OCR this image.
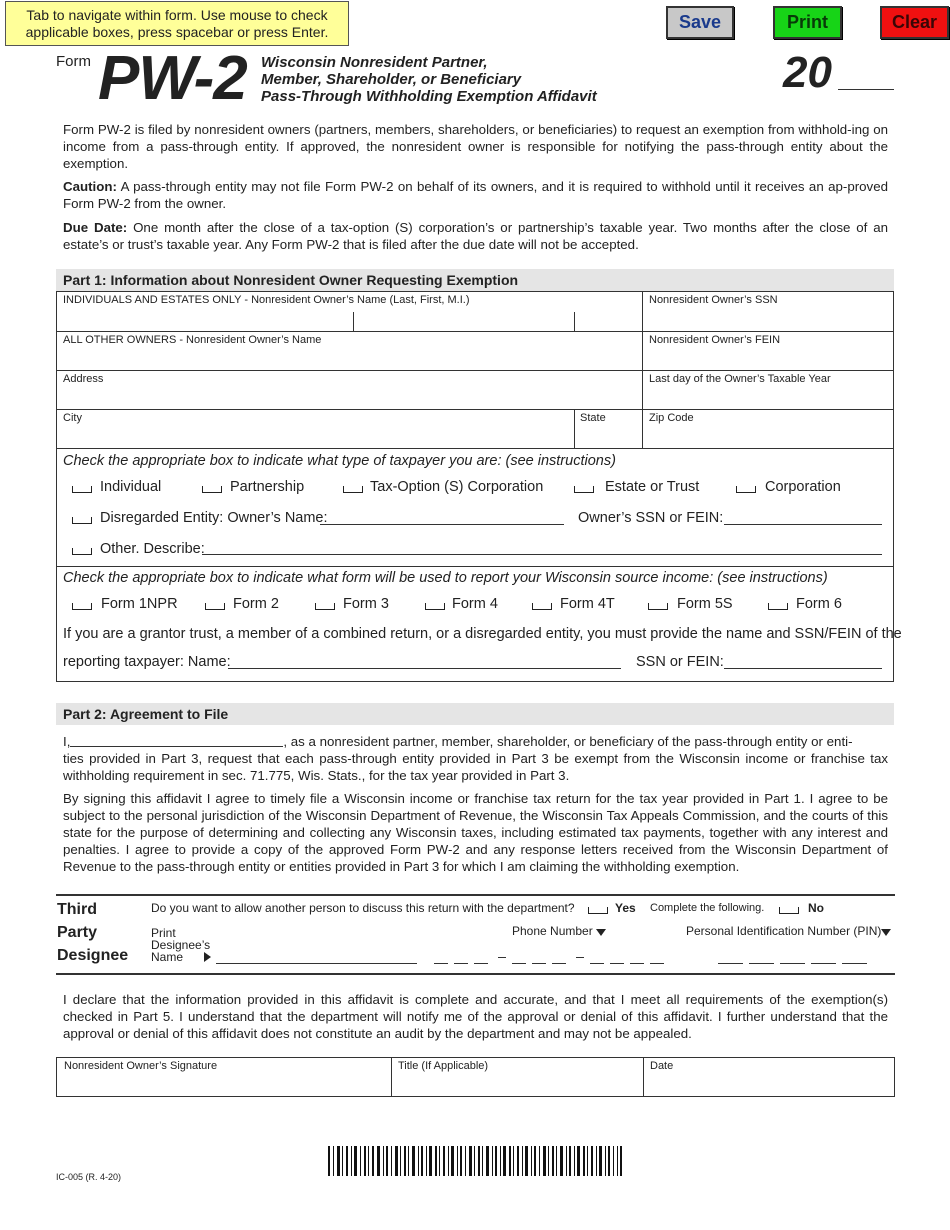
Tab to navigate within form. Use mouse to check applicable boxes, press spacebar or press Enter.	Save	Print	Clear
Form PW-2 Wisconsin Nonresident Partner,
Member, Shareholder, or Beneficiary
Pass-Through Withholding Exemption Affidavit	20
Form PW-2 is filed by nonresident owners (partners, members, shareholders, or beneficiaries) to request an exemption from withhold-ing on income from a pass-through entity. If approved, the nonresident owner is responsible for notifying the pass-through entity about the exemption.
Caution: A pass-through entity may not file Form PW-2 on behalf of its owners, and it is required to withhold until it receives an ap-proved Form PW-2 from the owner.
Due Date: One month after the close of a tax-option (S) corporation’s or partnership’s taxable year. Two months after the close of an estate’s or trust’s taxable year. Any Form PW-2 that is filed after the due date will not be accepted.
Part 1: Information about Nonresident Owner Requesting Exemption
INDIVIDUALS AND ESTATES ONLY - Nonresident Owner’s Name (Last, First, M.I.)	Nonresident Owner’s SSN
ALL OTHER OWNERS - Nonresident Owner’s Name	Nonresident Owner’s FEIN
Address	Last day of the Owner’s Taxable Year
City	State	Zip Code
Check the appropriate box to indicate what type of taxpayer you are: (see instructions)
Individual	Partnership	Tax-Option (S) Corporation	Estate or Trust	Corporation
Disregarded Entity: Owner’s Name:	Owner’s SSN or FEIN:
Other. Describe:
Check the appropriate box to indicate what form will be used to report your Wisconsin source income: (see instructions)
Form 1NPR	Form 2	Form 3	Form 4	Form 4T	Form 5S	Form 6
If you are a grantor trust, a member of a combined return, or a disregarded entity, you must provide the name and SSN/FEIN of the
reporting taxpayer: Name:	SSN or FEIN:
Part 2: Agreement to File
I,	, as a nonresident partner, member, shareholder, or beneficiary of the pass-through entity or enti-
ties provided in Part 3, request that each pass-through entity provided in Part 3 be exempt from the Wisconsin income or franchise tax withholding requirement in sec. 71.775, Wis. Stats., for the tax year provided in Part 3.
By signing this affidavit I agree to timely file a Wisconsin income or franchise tax return for the tax year provided in Part 1. I agree to be subject to the personal jurisdiction of the Wisconsin Department of Revenue, the Wisconsin Tax Appeals Commission, and the courts of this state for the purpose of determining and collecting any Wisconsin taxes, including estimated tax payments, together with any interest and penalties. I agree to provide a copy of the approved Form PW-2 and any response letters received from the Wisconsin Department of Revenue to the pass-through entity or entities provided in Part 3 for which I am claiming the withholding exemption.
Third
Party
Designee
Do you want to allow another person to discuss this return with the department?	Yes Complete the following.	No
Print
Designee’s
Name
Phone Number	Personal Identification Number (PIN)
I declare that the information provided in this affidavit is complete and accurate, and that I meet all requirements of the exemption(s) checked in Part 5. I understand that the department will notify me of the approval or denial of this affidavit. I further understand that the approval or denial of this affidavit does not constitute an audit by the department and may not be appealed.
Nonresident Owner’s Signature	Title (If Applicable)	Date
IC-005 (R. 4-20)
